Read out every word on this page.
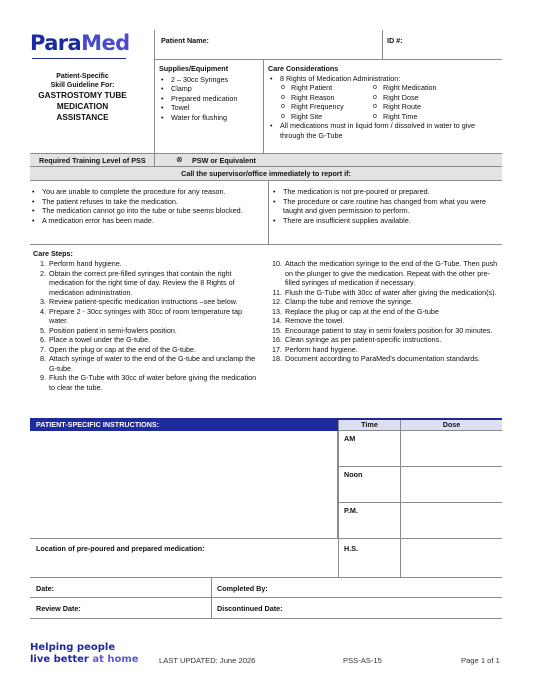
ParaMed
Patient-Specific
Skill Guideline For:
GASTROSTOMY TUBE
MEDICATION
ASSISTANCE
Patient Name:	ID #:
Supplies/Equipment
• 2 – 30cc Syringes
• Clamp
• Prepared medication
• Towel
• Water for flushing
Care Considerations
• 8 Rights of Medication Administration:
o Right Patient
o Right Reason
o Right Frequency
o Right Site
o Right Medication
o Right Dose
o Right Route
o Right Time
• All medications must in liquid form / dissolved in water to give through the G-Tube
Required Training Level of PSS	⊗ PSW or Equivalent
Call the supervisor/office immediately to report if:
• You are unable to complete the procedure for any reason.
• The patient refuses to take the medication.
• The medication cannot go into the tube or tube seems blocked.
• A medication error has been made.
• The medication is not pre-poured or prepared.
• The procedure or care routine has changed from what you were taught and given permission to perform.
• There are insufficient supplies available.
Care Steps:
1. Perform hand hygiene.
2. Obtain the correct pre-filled syringes that contain the right medication for the right time of day. Review the 8 Rights of medication administration.
3. Review patient-specific medication instructions –see below.
4. Prepare 2 - 30cc syringes with 30cc of room temperature tap water.
5. Position patient in semi-fowlers position.
6. Place a towel under the G-tube.
7. Open the plug or cap at the end of the G-tube.
8. Attach syringe of water to the end of the G-tube and unclamp the G-tube.
9. Flush the G-Tube with 30cc of water before giving the medication to clear the tube.
10. Attach the medication syringe to the end of the G-Tube. Then push on the plunger to give the medication. Repeat with the other pre-filled syringes of medication if necessary.
11. Flush the G-Tube with 30cc of water after giving the medication(s).
12. Clamp the tube and remove the syringe.
13. Replace the plug or cap at the end of the G-tube
14. Remove the towel.
15. Encourage patient to stay in semi fowlers position for 30 minutes.
16. Clean syringe as per patient-specific instructions.
17. Perform hand hygiene.
18. Document according to ParaMed’s documentation standards.
PATIENT-SPECIFIC INSTRUCTIONS:	Time	Dose
AM
Noon
P.M.
Location of pre-poured and prepared medication:	H.S.
Date:	Completed By:
Review Date:	Discontinued Date:
Helping people
live better at home	LAST UPDATED: June 2026	PSS-AS-15	Page 1 of 1
